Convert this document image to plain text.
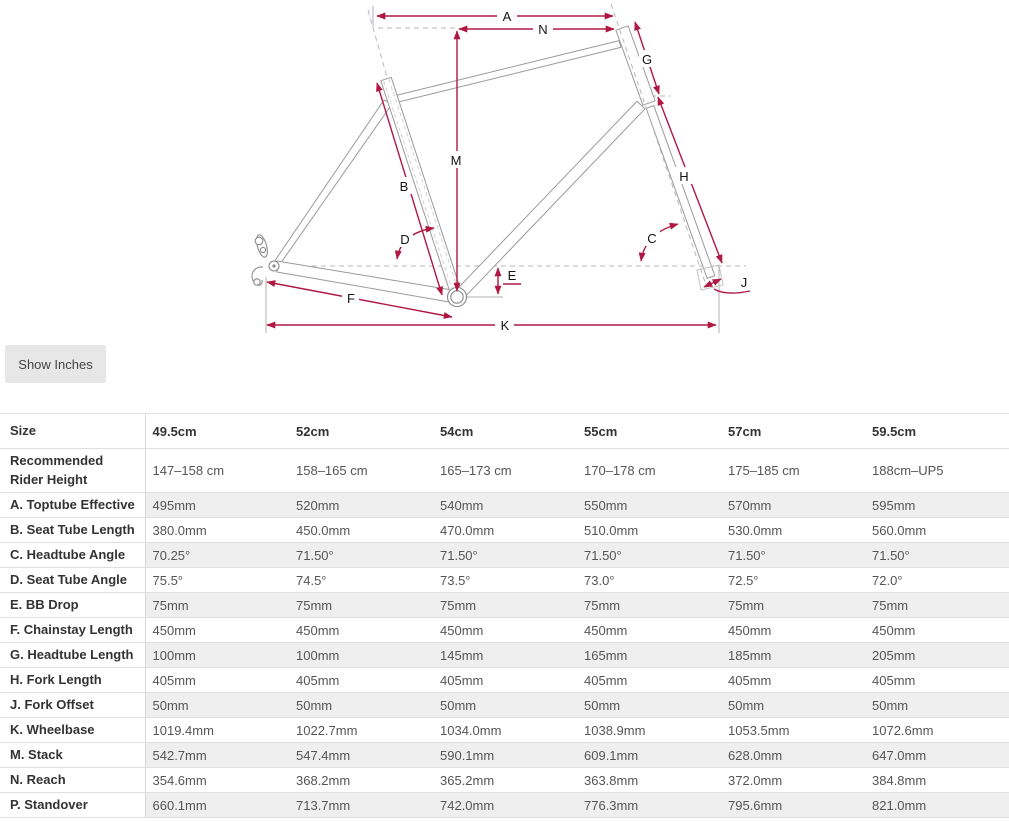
A
N
M
G
H
B
D	C
E
F
K
J
Show Inches
Size	49.5cm	52cm	54cm	55cm	57cm	59.5cm
Recommended Rider Height	147–158 cm	158–165 cm	165–173 cm	170–178 cm	175–185 cm	188cm–UP5
A. Toptube Effective	495mm	520mm	540mm	550mm	570mm	595mm
B. Seat Tube Length	380.0mm	450.0mm	470.0mm	510.0mm	530.0mm	560.0mm
C. Headtube Angle	70.25°	71.50°	71.50°	71.50°	71.50°	71.50°
D. Seat Tube Angle	75.5°	74.5°	73.5°	73.0°	72.5°	72.0°
E. BB Drop	75mm	75mm	75mm	75mm	75mm	75mm
F. Chainstay Length	450mm	450mm	450mm	450mm	450mm	450mm
G. Headtube Length	100mm	100mm	145mm	165mm	185mm	205mm
H. Fork Length	405mm	405mm	405mm	405mm	405mm	405mm
J. Fork Offset	50mm	50mm	50mm	50mm	50mm	50mm
K. Wheelbase	1019.4mm	1022.7mm	1034.0mm	1038.9mm	1053.5mm	1072.6mm
M. Stack	542.7mm	547.4mm	590.1mm	609.1mm	628.0mm	647.0mm
N. Reach	354.6mm	368.2mm	365.2mm	363.8mm	372.0mm	384.8mm
P. Standover	660.1mm	713.7mm	742.0mm	776.3mm	795.6mm	821.0mm
